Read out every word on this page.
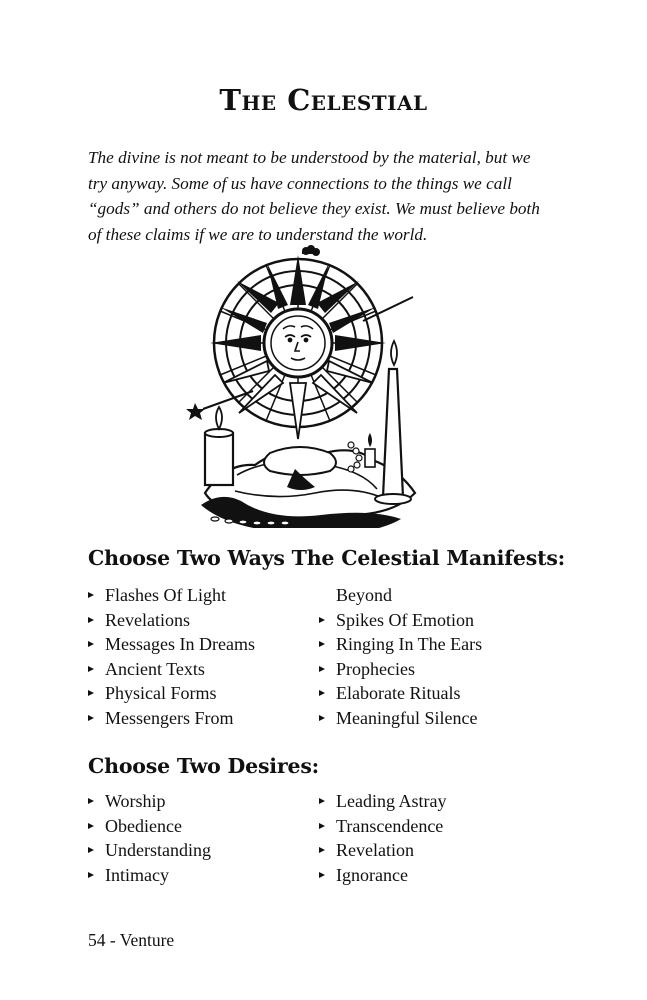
The Celestial
The divine is not meant to be understood by the material, but we try anyway. Some of us have connections to the things we call “gods” and others do not believe they exist. We must believe both of these claims if we are to understand the world.
Choose Two Ways The Celestial Manifests:
Flashes Of Light
Revelations
Messages In Dreams
Ancient Texts
Physical Forms
Messengers From
Beyond
Spikes Of Emotion
Ringing In The Ears
Prophecies
Elaborate Rituals
Meaningful Silence
Choose Two Desires:
Worship
Obedience
Understanding
Intimacy
Leading Astray
Transcendence
Revelation
Ignorance
54 - Venture
